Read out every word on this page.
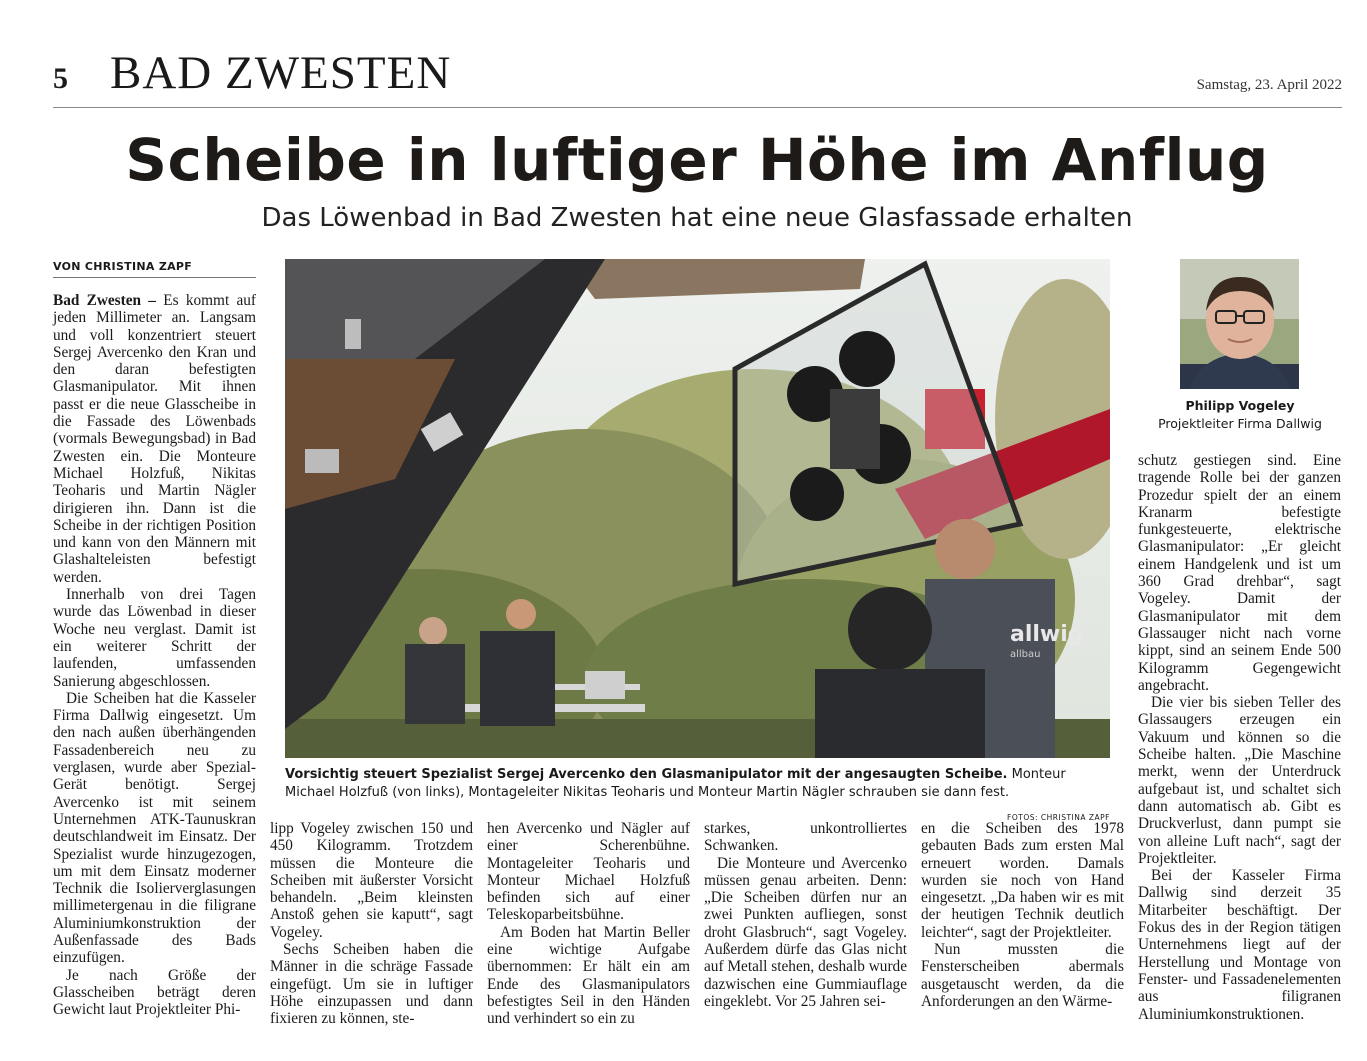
5 BAD ZWESTEN	Samstag, 23. April 2022
Scheibe in luftiger Höhe im Anflug
Das Löwenbad in Bad Zwesten hat eine neue Glasfassade erhalten
VON CHRISTINA ZAPF

Bad Zwesten – Es kommt auf jeden Millimeter an. Langsam und voll konzentriert steuert Sergej Avercenko den Kran und den daran befestigten Glasmanipulator. Mit ihnen passt er die neue Glasscheibe in die Fassade des Löwenbads (vormals Bewegungsbad) in Bad Zwesten ein. Die Monteure Michael Holzfuß, Nikitas Teoharis und Martin Nägler dirigieren ihn. Dann ist die Scheibe in der richtigen Position und kann von den Männern mit Glashalteleisten befestigt werden.

Innerhalb von drei Tagen wurde das Löwenbad in dieser Woche neu verglast. Damit ist ein weiterer Schritt der laufenden, umfassenden Sanierung abgeschlossen.

Die Scheiben hat die Kasseler Firma Dallwig eingesetzt. Um den nach außen überhängenden Fassadenbereich neu zu verglasen, wurde aber Spezial-Gerät benötigt. Sergej Avercenko ist mit seinem Unternehmen ATK-Taunuskran deutschlandweit im Einsatz. Der Spezialist wurde hinzugezogen, um mit dem Einsatz moderner Technik die Isolierverglasungen millimetergenau in die filigrane Aluminiumkonstruktion der Außenfassade des Bads einzufügen.

Je nach Größe der Glasscheiben beträgt deren Gewicht laut Projektleiter Phi-

lipp Vogeley zwischen 150 und 450 Kilogramm. Trotzdem müssen die Monteure die Scheiben mit äußerster Vorsicht behandeln. „Beim kleinsten Anstoß gehen sie kaputt“, sagt Vogeley.

Sechs Scheiben haben die Männer in die schräge Fassade eingefügt. Um sie in luftiger Höhe einzupassen und dann fixieren zu können, ste-

hen Avercenko und Nägler auf einer Scherenbühne. Montageleiter Teoharis und Monteur Michael Holzfuß befinden sich auf einer Teleskoparbeitsbühne.

Am Boden hat Martin Beller eine wichtige Aufgabe übernommen: Er hält ein am Ende des Glasmanipulators befestigtes Seil in den Händen und verhindert so ein zu

starkes, unkontrolliertes Schwanken.

Die Monteure und Avercenko müssen genau arbeiten. Denn: „Die Scheiben dürfen nur an zwei Punkten aufliegen, sonst droht Glasbruch“, sagt Vogeley. Außerdem dürfe das Glas nicht auf Metall stehen, deshalb wurde dazwischen eine Gummiauflage eingeklebt. Vor 25 Jahren sei-

en die Scheiben des 1978 gebauten Bads zum ersten Mal erneuert worden. Damals wurden sie noch von Hand eingesetzt. „Da haben wir es mit der heutigen Technik deutlich leichter“, sagt der Projektleiter.

Nun mussten die Fensterscheiben abermals ausgetauscht werden, da die Anforderungen an den Wärme-

schutz gestiegen sind. Eine tragende Rolle bei der ganzen Prozedur spielt der an einem Kranarm befestigte funkgesteuerte, elektrische Glasmanipulator: „Er gleicht einem Handgelenk und ist um 360 Grad drehbar“, sagt Vogeley. Damit der Glasmanipulator mit dem Glassauger nicht nach vorne kippt, sind an seinem Ende 500 Kilogramm Gegengewicht angebracht.

Die vier bis sieben Teller des Glassaugers erzeugen ein Vakuum und können so die Scheibe halten. „Die Maschine merkt, wenn der Unterdruck aufgebaut ist, und schaltet sich dann automatisch ab. Gibt es Druckverlust, dann pumpt sie von alleine Luft nach“, sagt der Projektleiter.

Bei der Kasseler Firma Dallwig sind derzeit 35 Mitarbeiter beschäftigt. Der Fokus des in der Region tätigen Unternehmens liegt auf der Herstellung und Montage von Fenster- und Fassadenelementen aus filigranen Aluminiumkonstruktionen.

allwig
allbau
Vorsichtig steuert Spezialist Sergej Avercenko den Glasmanipulator mit der angesaugten Scheibe. Monteur Michael Holzfuß (von links), Montageleiter Nikitas Teoharis und Monteur Martin Nägler schrauben sie dann fest.
FOTOS: CHRISTINA ZAPF
Philipp Vogeley
Projektleiter Firma Dallwig
